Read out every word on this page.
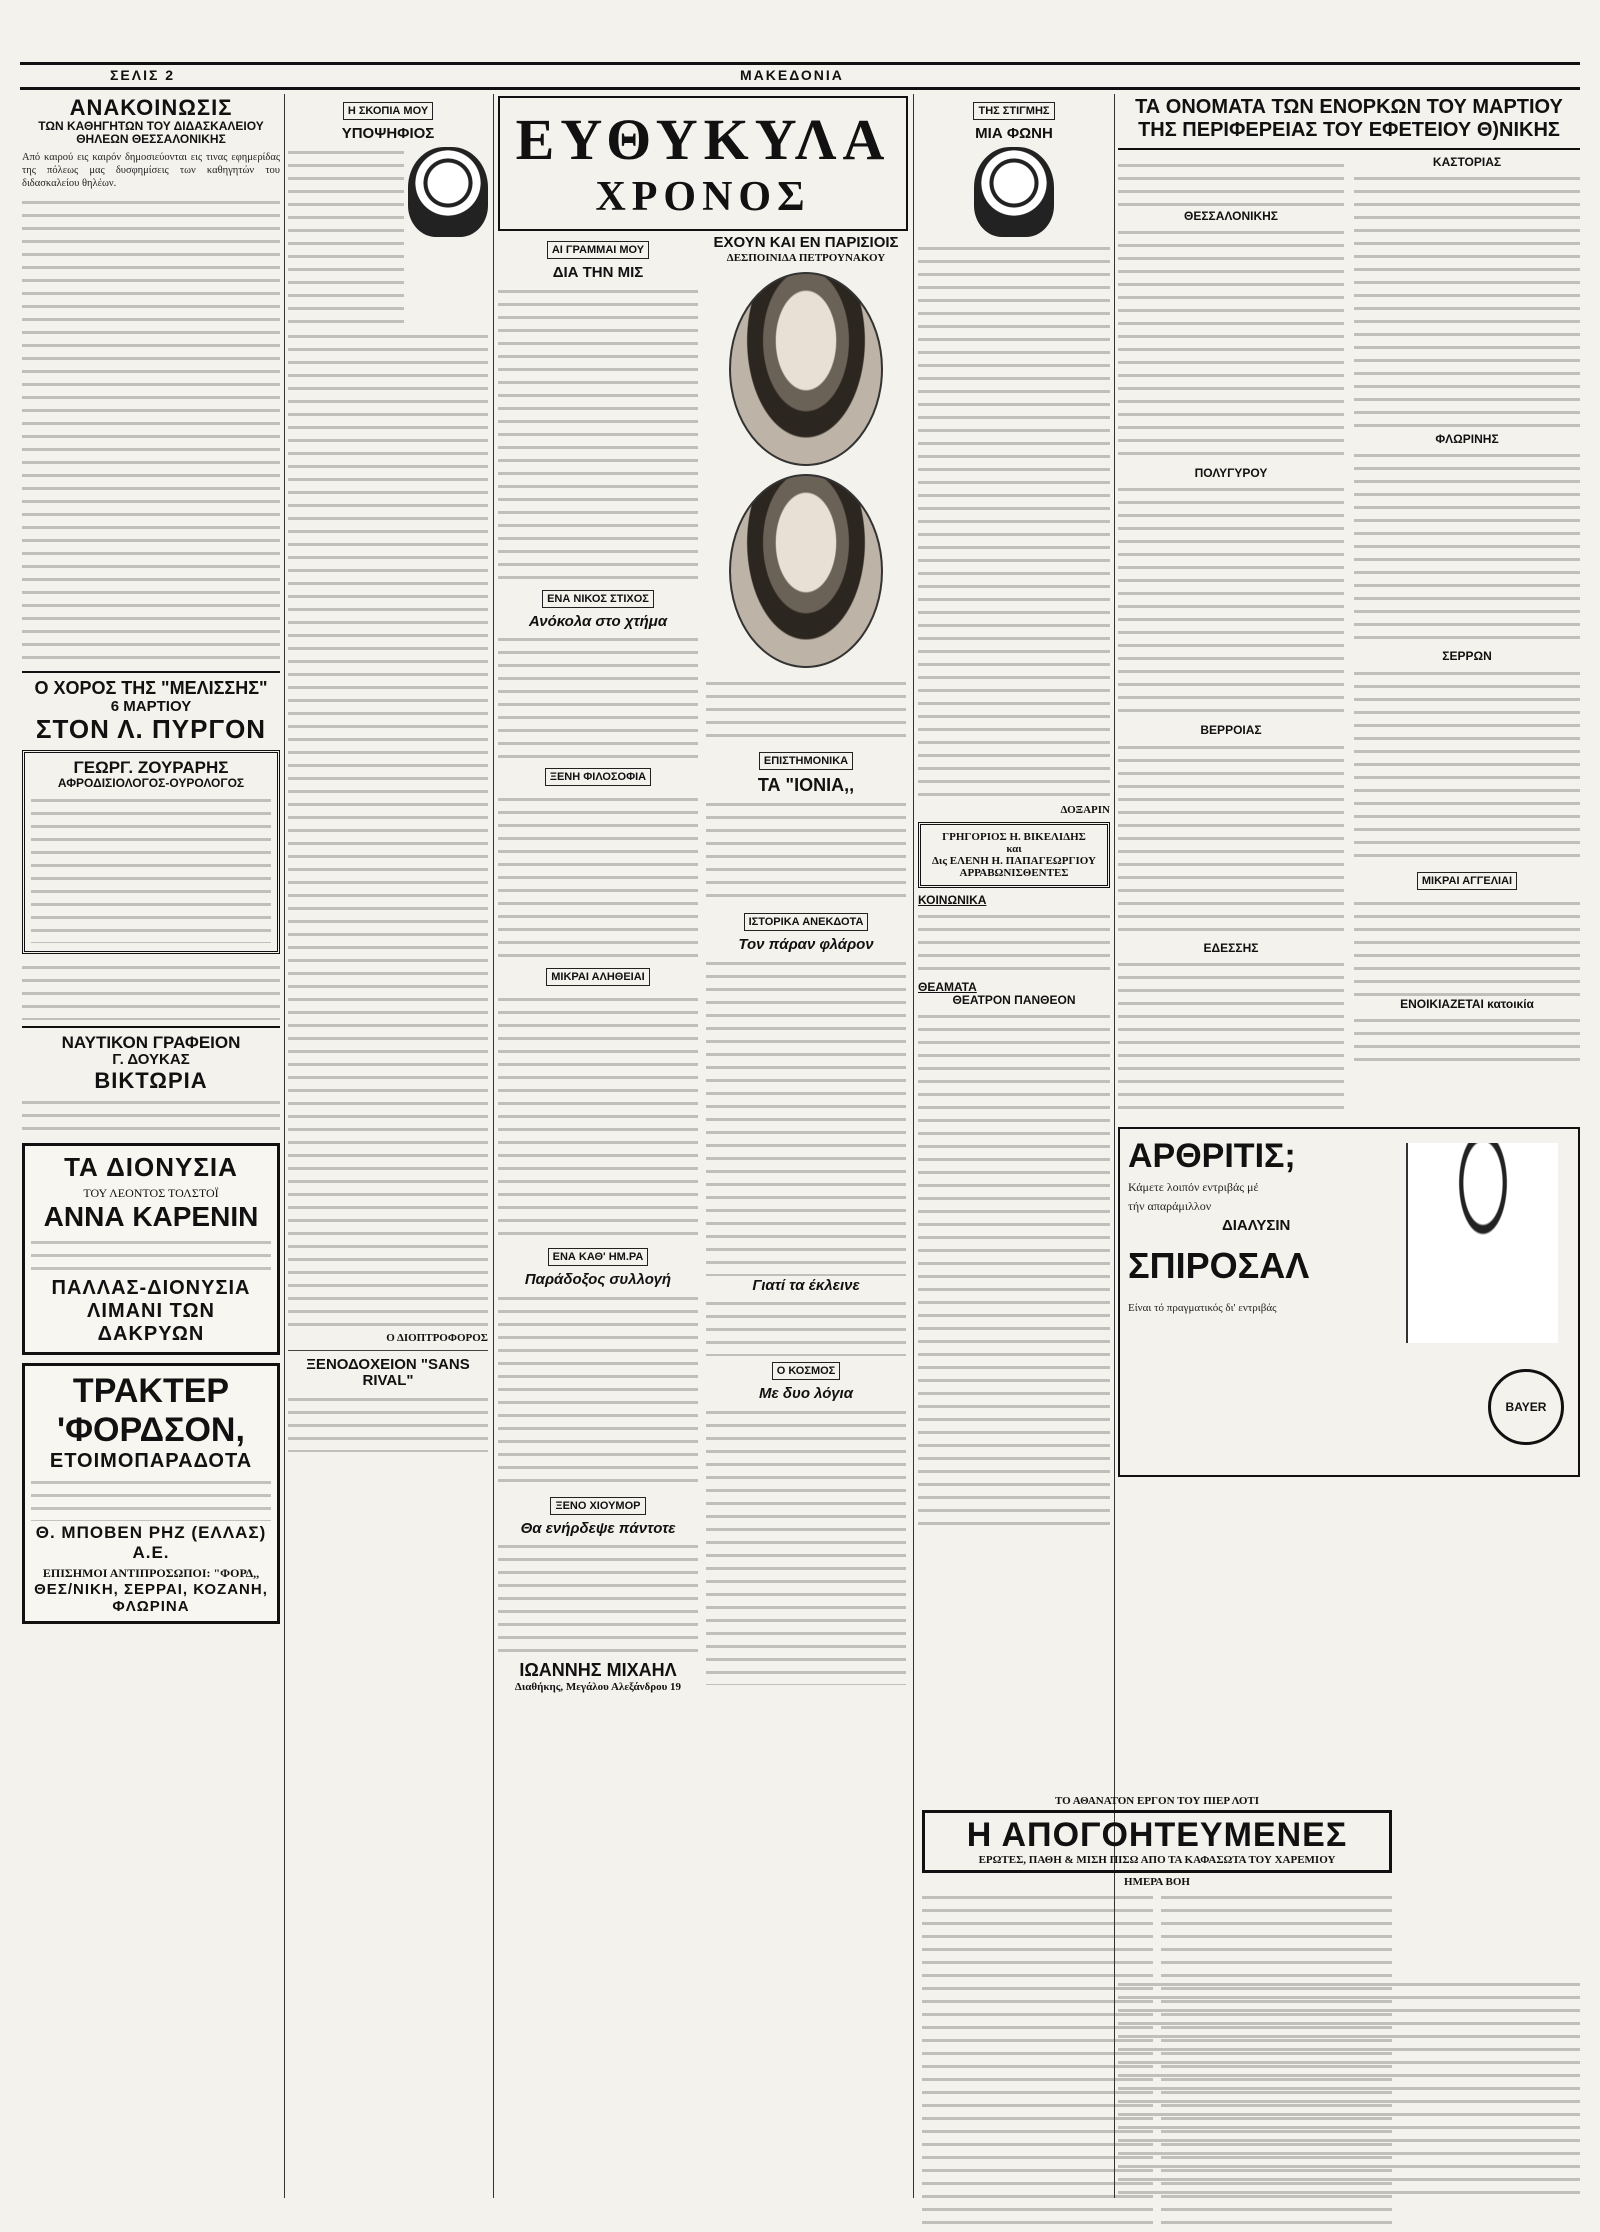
ΣΕΛΙΣ 2	ΜΑΚΕΔΟΝΙΑ
ΑΝΑΚΟΙΝΩΣΙΣ
ΤΩΝ ΚΑΘΗΓΗΤΩΝ ΤΟΥ ΔΙΔΑΣΚΑΛΕΙΟΥ ΘΗΛΕΩΝ ΘΕΣΣΑΛΟΝΙΚΗΣ

Από καιρού εις καιρόν δημοσιεύονται εις τινας εφημερίδας της πόλεως μας δυσφημίσεις των καθηγητών του διδασκαλείου θηλέων.

Ο ΧΟΡΟΣ ΤΗΣ "ΜΕΛΙΣΣΗΣ"
6 ΜΑΡΤΙΟΥ
ΣΤΟΝ Λ. ΠΥΡΓΟΝ
ΓΕΩΡΓ. ΖΟΥΡΑΡΗΣ
ΑΦΡΟΔΙΣΙΟΛΟΓΟΣ-ΟΥΡΟΛΟΓΟΣ
ΝΑΥΤΙΚΟΝ ΓΡΑΦΕΙΟΝ
Γ. ΔΟΥΚΑΣ
ΒΙΚΤΩΡΙΑ
ΤΑ ΔΙΟΝΥΣΙΑ
ΤΟΥ ΛΕΟΝΤΟΣ ΤΟΛΣΤΟΪ
ΑΝΝΑ ΚΑΡΕΝΙΝ
ΠΑΛΛΑΣ-ΔΙΟΝΥΣΙΑ
ΛΙΜΑΝΙ ΤΩΝ ΔΑΚΡΥΩΝ
ΤΡΑΚΤΕΡ 'ΦΟΡΔΣΟΝ,
ΕΤΟΙΜΟΠΑΡΑΔΟΤΑ
Θ. ΜΠΟΒΕΝ ΡΗΖ (ΕΛΛΑΣ) Α.Ε.
ΕΠΙΣΗΜΟΙ ΑΝΤΙΠΡΟΣΩΠΟΙ: "ΦΟΡΔ,,
ΘΕΣ/ΝΙΚΗ, ΣΕΡΡΑΙ, ΚΟΖΑΝΗ, ΦΛΩΡΙΝΑ
Η ΣΚΟΠΙΑ ΜΟΥ
ΥΠΟΨΗΦΙΟΣ
Ο ΔΙΟΠΤΡΟΦΟΡΟΣ
ΞΕΝΟΔΟΧΕΙΟΝ "SANS RIVAL"
ΕΥΘΥΚΥΛΑ
ΧΡΟΝΟΣ
ΑΙ ΓΡΑΜΜΑΙ ΜΟΥ
ΔΙΑ ΤΗΝ ΜΙΣ
ΕΝΑ ΝΙΚΟΣ ΣΤΙΧΟΣ
Ανόκολα στο χτήμα
ΞΕΝΗ ΦΙΛΟΣΟΦΙΑ
ΜΙΚΡΑΙ ΑΛΗΘΕΙΑΙ
ΕΝΑ ΚΑΘ' ΗΜ.ΡΑ
Παράδοξος συλλογή
ΞΕΝΟ ΧΙΟΥΜΟΡ
Θα ενήρδεψε πάντοτε
ΙΩΑΝΝΗΣ ΜΙΧΑΗΛ
Διαθήκης, Μεγάλου Αλεξάνδρου 19
ΕΧΟΥΝ ΚΑΙ ΕΝ ΠΑΡΙΣΙΟΙΣ
ΔΕΣΠΟΙΝΙΔΑ ΠΕΤΡΟΥΝΑΚΟΥ
ΕΠΙΣΤΗΜΟΝΙΚΑ
ΤΑ "ΙΟΝΙΑ,,
ΙΣΤΟΡΙΚΑ ΑΝΕΚΔΟΤΑ
Τον πάραν φλάρον
Γιατί τα έκλεινε
Ο ΚΟΣΜΟΣ
Με δυο λόγια
ΤΗΣ ΣΤΙΓΜΗΣ
ΜΙΑ ΦΩΝΗ
ΔΟΞΑΡΙΝ
ΓΡΗΓΟΡΙΟΣ Η. ΒΙΚΕΛΙΔΗΣ
και
Δις ΕΛΕΝΗ Η. ΠΑΠΑΓΕΩΡΓΙΟΥ
ΑΡΡΑΒΩΝΙΣΘΕΝΤΕΣ
ΚΟΙΝΩΝΙΚΑ
ΘΕΑΜΑΤΑ
ΘΕΑΤΡΟΝ ΠΑΝΘΕΟΝ
ΤΟ ΑΘΑΝΑΤΟΝ ΕΡΓΟΝ ΤΟΥ ΠΙΕΡ ΛΟΤΙ
Η ΑΠΟΓΟΗΤΕΥΜΕΝΕΣ
ΕΡΩΤΕΣ, ΠΑΘΗ & ΜΙΣΗ ΠΙΣΩ ΑΠΟ ΤΑ ΚΑΦΑΣΩΤΑ ΤΟΥ ΧΑΡΕΜΙΟΥ
ΗΜΕΡΑ ΒΟΗ
ΤΑ ΟΝΟΜΑΤΑ ΤΩΝ ΕΝΟΡΚΩΝ ΤΟΥ ΜΑΡΤΙΟΥ ΤΗΣ ΠΕΡΙΦΕΡΕΙΑΣ ΤΟΥ ΕΦΕΤΕΙΟΥ Θ)ΝΙΚΗΣ
ΘΕΣΣΑΛΟΝΙΚΗΣ
ΠΟΛΥΓΥΡΟΥ
ΒΕΡΡΟΙΑΣ
ΕΔΕΣΣΗΣ
ΚΑΣΤΟΡΙΑΣ
ΦΛΩΡΙΝΗΣ
ΣΕΡΡΩΝ
ΜΙΚΡΑΙ ΑΓΓΕΛΙΑΙ
ΕΝΟΙΚΙΑΖΕΤΑΙ κατοικία
ΑΡΘΡΙΤΙΣ;
Κάμετε λοιπόν εντριβάς μέ
τήν απαράμιλλον
ΔΙΑΛΥΣΙΝ
ΣΠΙΡΟΣΑΛ
Είναι τό πραγματικός δι' εντριβάς
BAYER
